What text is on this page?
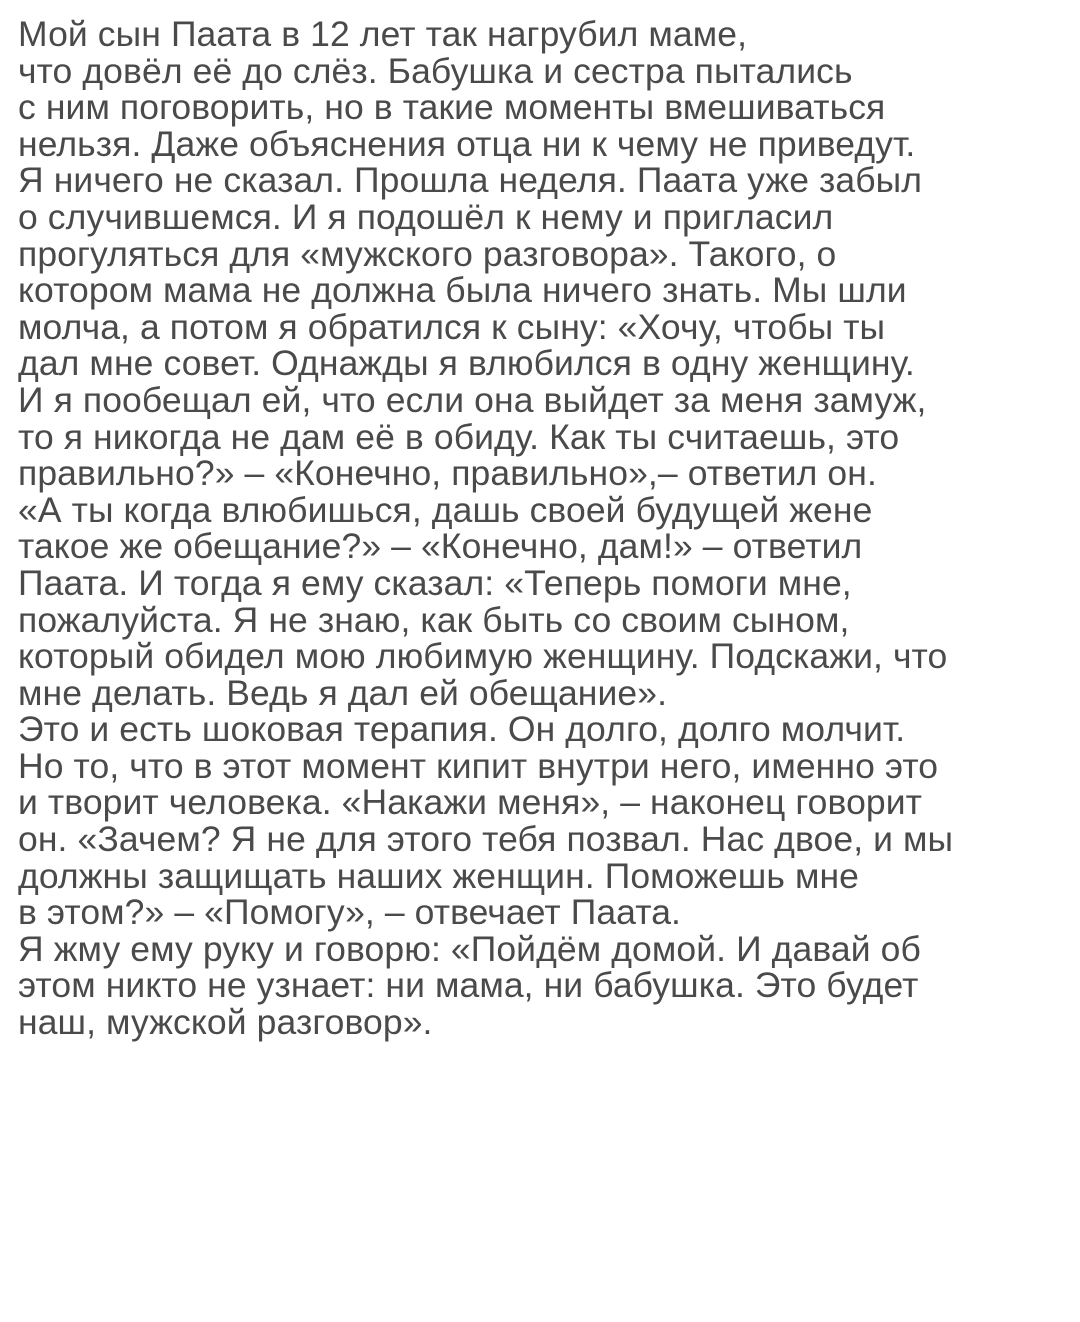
Мой сын Паата в 12 лет так нагрубил маме,
что довёл её до слёз. Бабушка и сестра пытались
с ним поговорить, но в такие моменты вмешиваться
нельзя. Даже объяснения отца ни к чему не приведут.
Я ничего не сказал. Прошла неделя. Паата уже забыл
о случившемся. И я подошёл к нему и пригласил
прогуляться для «мужского разговора». Такого, о
котором мама не должна была ничего знать. Мы шли
молча, а потом я обратился к сыну: «Хочу, чтобы ты
дал мне совет. Однажды я влюбился в одну женщину.
И я пообещал ей, что если она выйдет за меня замуж,
то я никогда не дам её в обиду. Как ты считаешь, это
правильно?» – «Конечно, правильно»,– ответил он.
«А ты когда влюбишься, дашь своей будущей жене
такое же обещание?» – «Конечно, дам!» – ответил
Паата. И тогда я ему сказал: «Теперь помоги мне,
пожалуйста. Я не знаю, как быть со своим сыном,
который обидел мою любимую женщину. Подскажи, что
мне делать. Ведь я дал ей обещание».
Это и есть шоковая терапия. Он долго, долго молчит.
Но то, что в этот момент кипит внутри него, именно это
и творит человека. «Накажи меня», – наконец говорит
он. «Зачем? Я не для этого тебя позвал. Нас двое, и мы
должны защищать наших женщин. Поможешь мне
в этом?» – «Помогу», – отвечает Паата.
Я жму ему руку и говорю: «Пойдём домой. И давай об
этом никто не узнает: ни мама, ни бабушка. Это будет
наш, мужской разговор».
